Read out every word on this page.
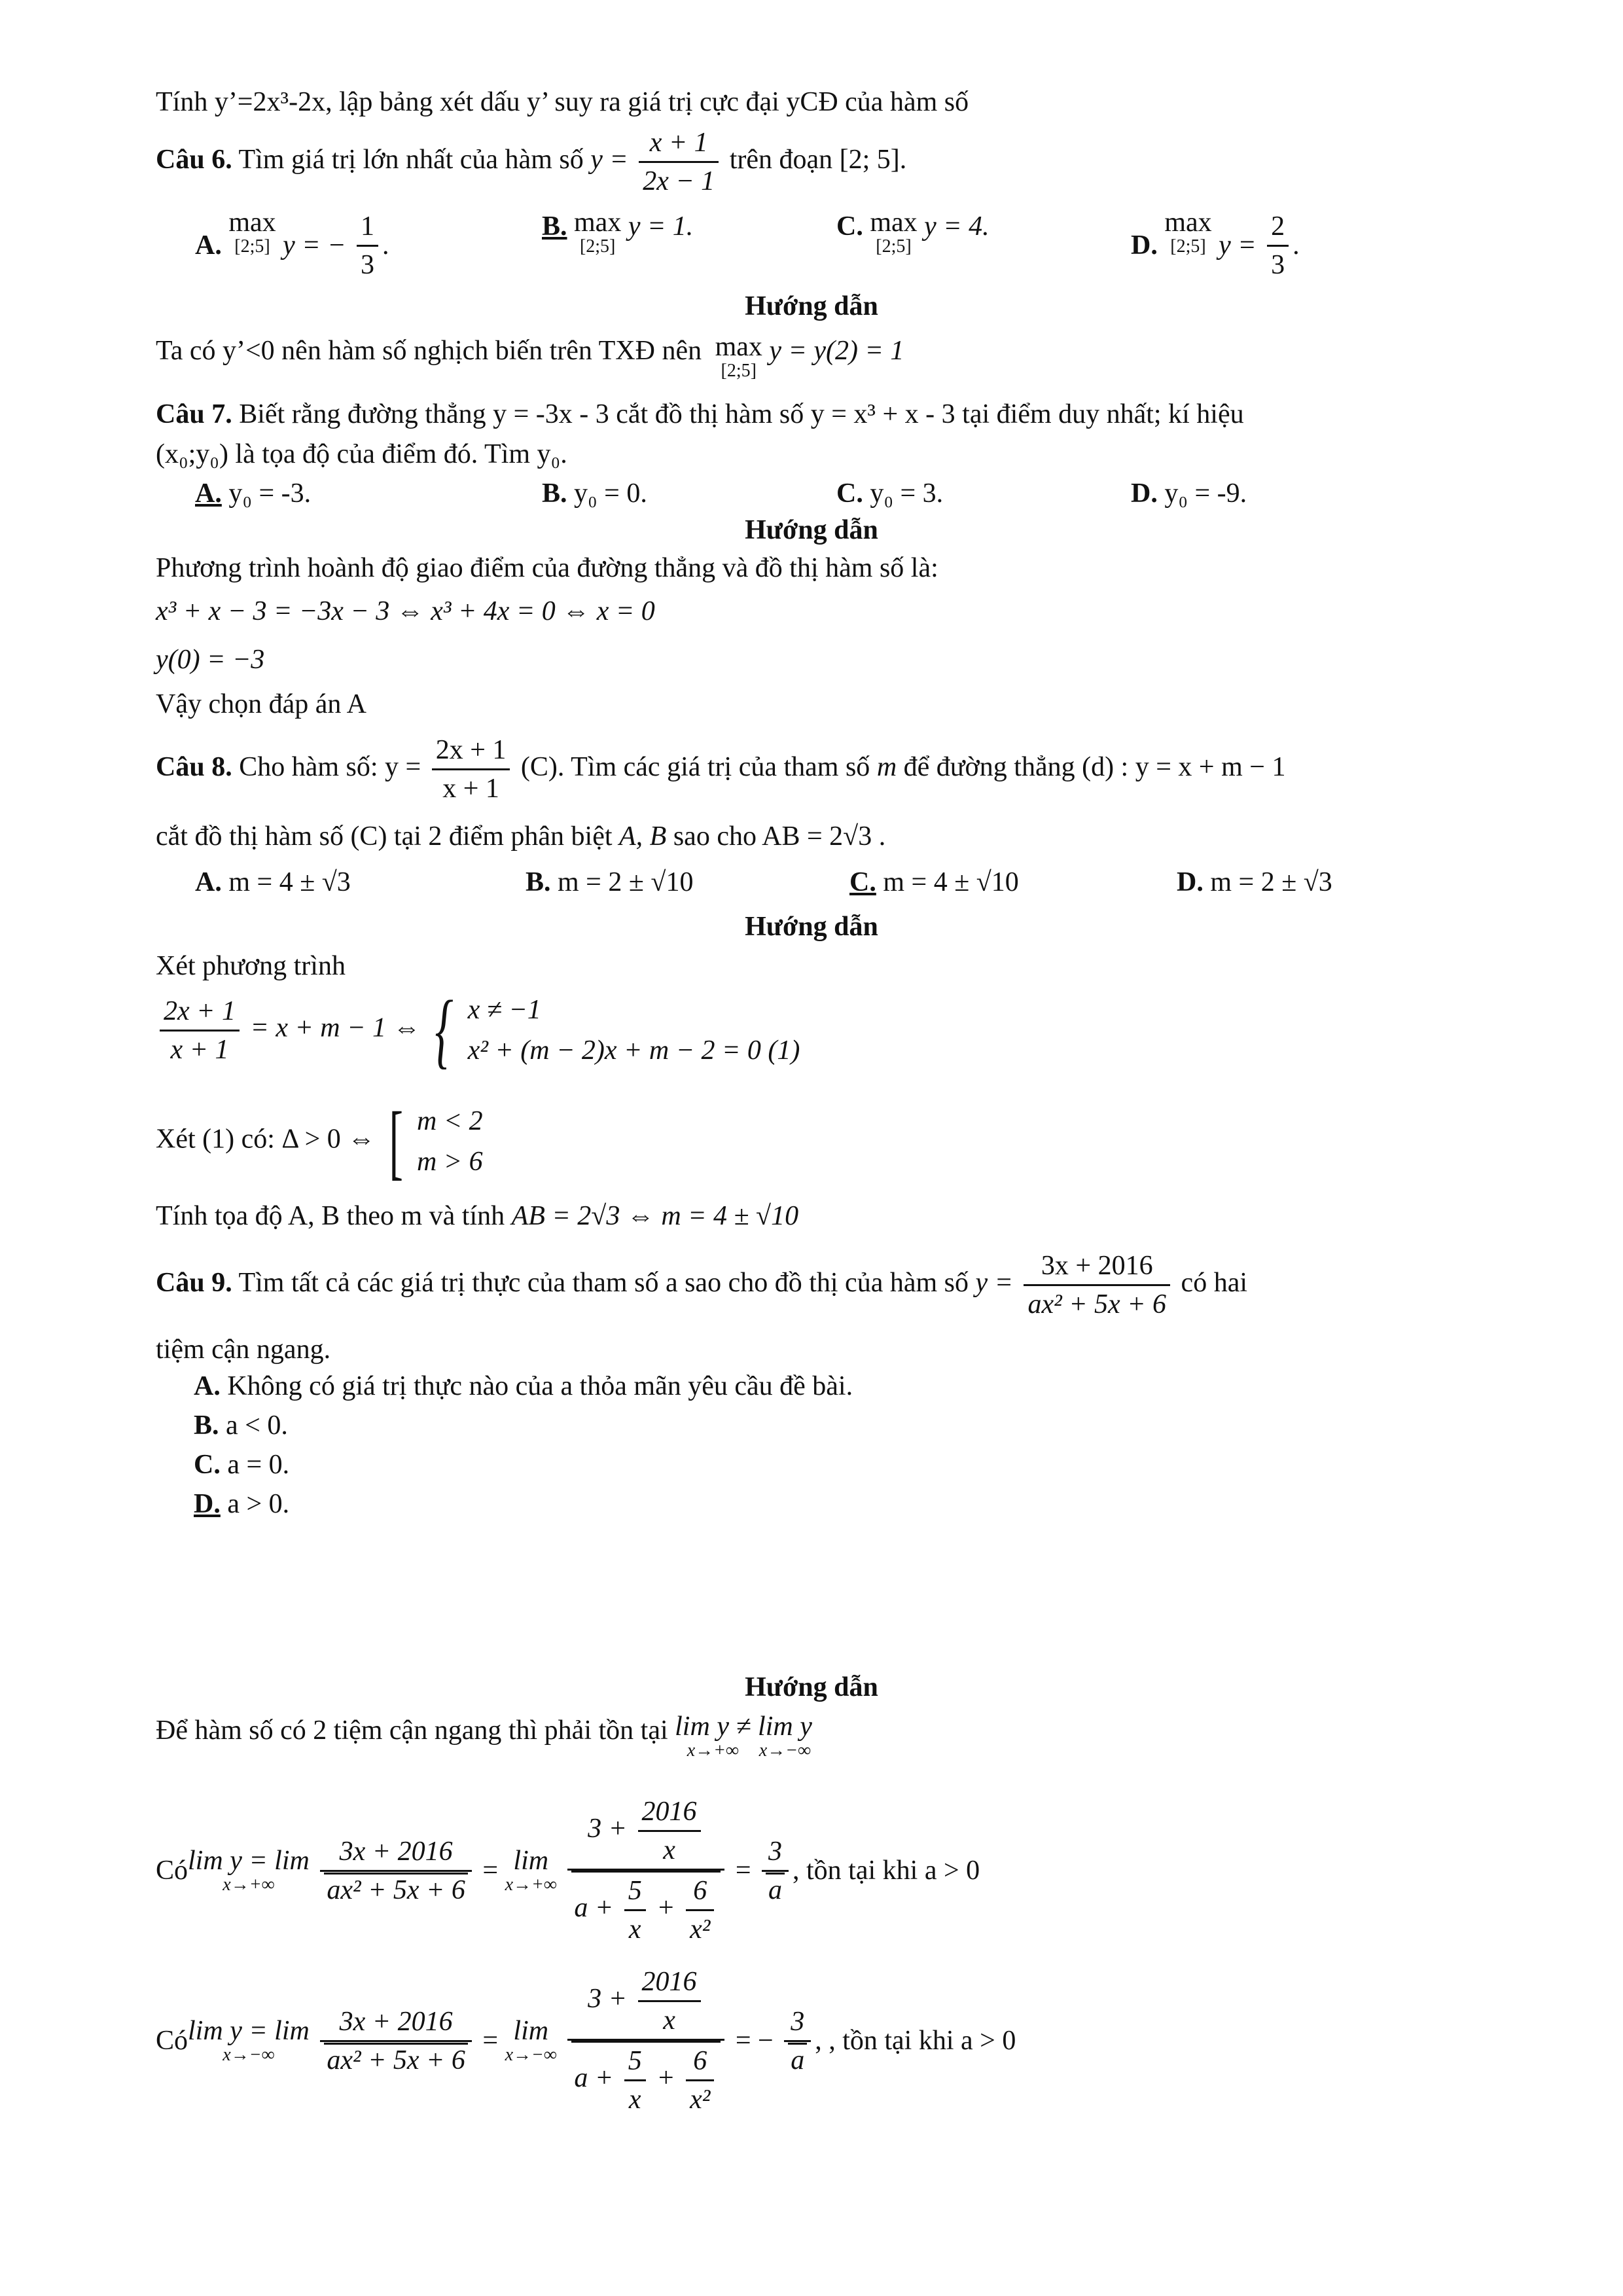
Tính y’=2x³-2x, lập bảng xét dấu y’ suy ra giá trị cực đại yCĐ của hàm số
Câu 6. Tìm giá trị lớn nhất của hàm số $y = \frac{x + 1}{2x - 1}$ trên đoạn [2; 5].
A. max
[2;5] y = − $\frac{1}{3}$ .
B. max
[2;5]
y = 1.	C. max
[2;5]
y = 4.
D. max
[2;5] $y = \frac{2}{3}$ .
Hướng dẫn
Ta có y’<0 nên hàm số nghịch biến trên TXĐ nên max
[2;5]
y = y(2) = 1
Câu 7. Biết rằng đường thẳng y = -3x - 3 cắt đồ thị hàm số y = x³ + x - 3 tại điểm duy nhất; kí hiệu
(x₀;y₀) là tọa độ của điểm đó. Tìm y₀.
A. y₀ = -3.	B. y₀ = 0.	C. y₀ = 3.	D. y₀ = -9.
Hướng dẫn
Phương trình hoành độ giao điểm của đường thẳng và đồ thị hàm số là:
x³ + x − 3 = −3x − 3 ⇔ x³ + 4x = 0 ⇔ x = 0
y(0) = −3
Vậy chọn đáp án A
Câu 8. Cho hàm số: $y = \frac{2x + 1}{x + 1} (C)$. Tìm các giá trị của tham số m để đường thẳng (d) : y = x + m − 1
cắt đồ thị hàm số (C) tại 2 điểm phân biệt A, B sao cho AB = 2√3 .
A. m = 4 ± √3	B. m = 2 ± √10	C. m = 4 ± √10	D. m = 2 ± √3
Hướng dẫn
Xét phương trình
$\frac{2x + 1}{x + 1} = x + m - 1$ ⇔ { x ≠ −1
x² + (m − 2)x + m − 2 = 0 (1)
Xét (1) có: Δ > 0 ⇔ [ m < 2
m > 6
Tính tọa độ A, B theo m và tính AB = 2√3 ⇔ m = 4 ± √10
Câu 9. Tìm tất cả các giá trị thực của tham số a sao cho đồ thị của hàm số $y = \frac{3x + 2016}{\text{ax² + 5x + 6}}$ có hai
tiệm cận ngang.
A. Không có giá trị thực nào của a thỏa mãn yêu cầu đề bài.
B. a < 0.
C. a = 0.
D. a > 0.
Hướng dẫn
Để hàm số có 2 tiệm cận ngang thì phải tồn tại lim y ≠
x→+∞
lim y
x→−∞
Cólim y = lim
x→+∞
	$\frac{3x + 2016}{\text{ax² + 5x + 6}} = \lim$
x→+∞
$\frac{3 + \frac{2016}{x}}{a + \frac{5}{x} + \frac{6}{\text{x²}}} = \frac{3}{a}$ , tồn tại khi a > 0
Cólim y = lim
x→−∞
	$\frac{3x + 2016}{\text{ax² + 5x + 6}} = \lim$
x→−∞
$\frac{3 + \frac{2016}{x}}{a + \frac{5}{x} + \frac{6}{\text{x²}}}$ = − $\frac{3}{a}$ , , tồn tại khi a > 0
